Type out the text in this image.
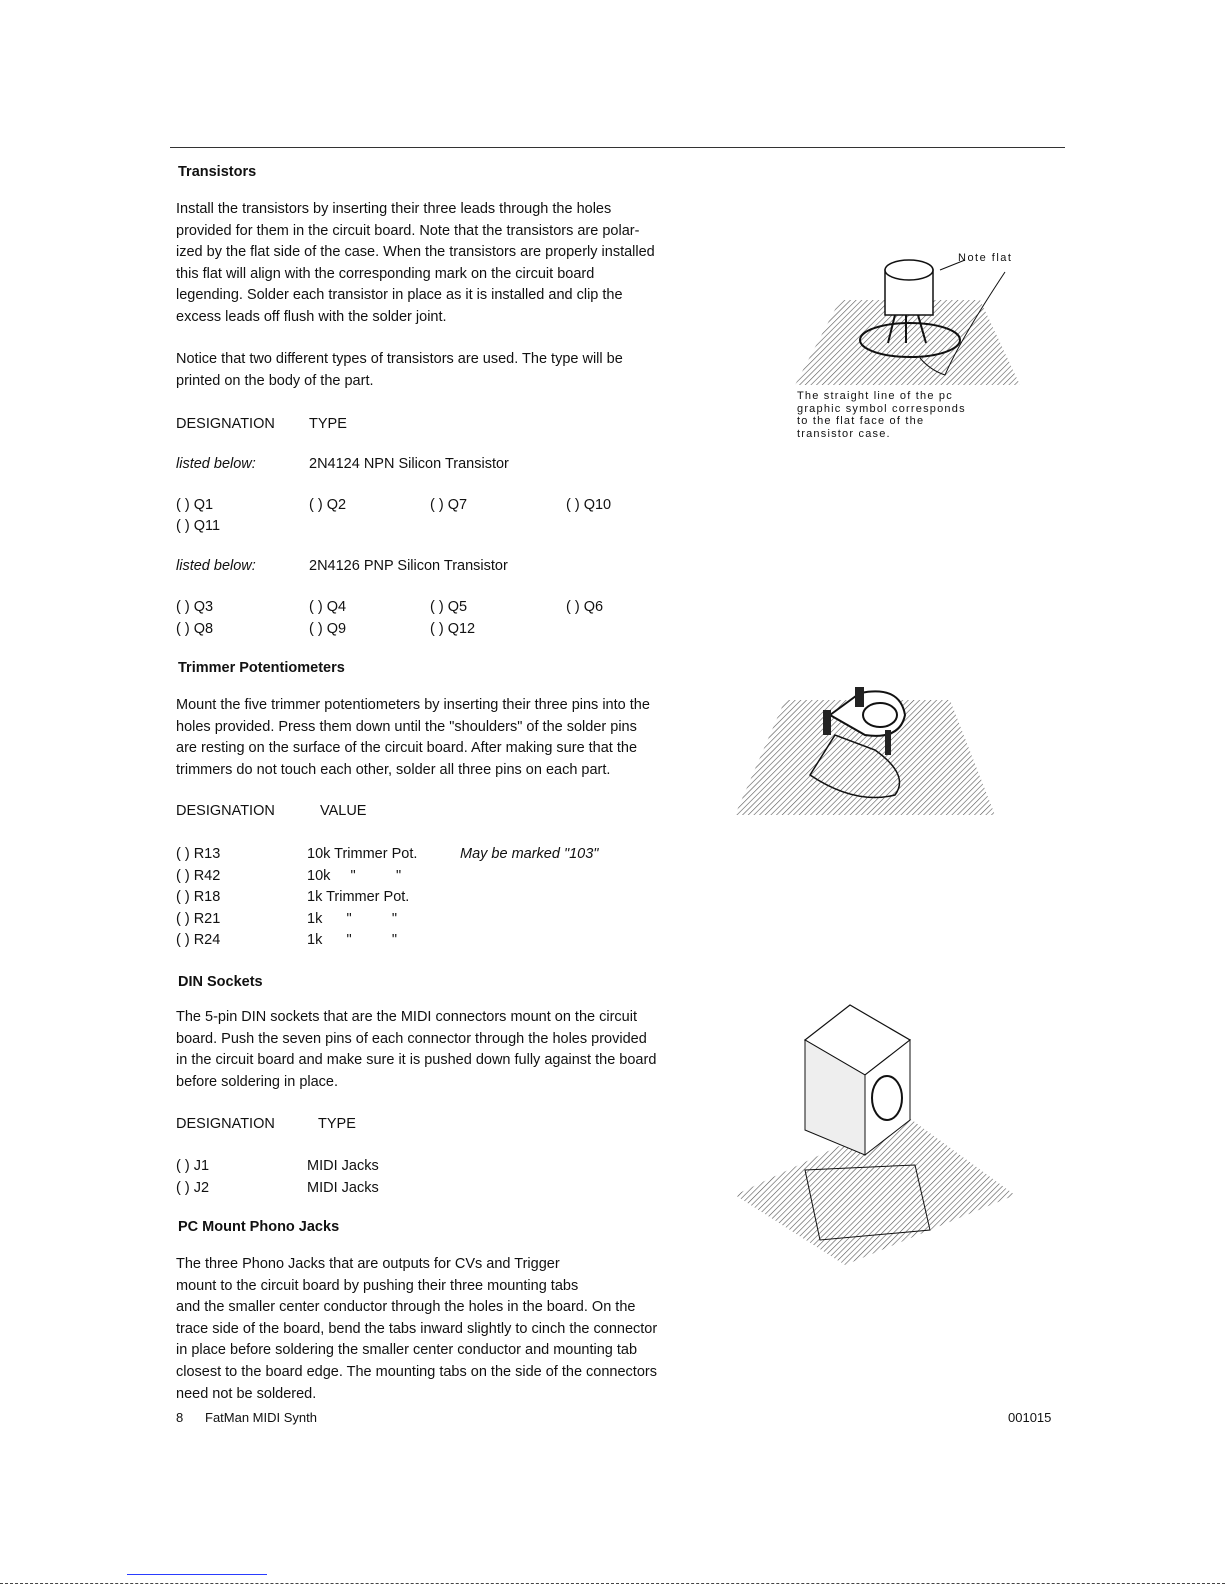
Transistors
Install the transistors by inserting their three leads through the holes
provided for them in the circuit board. Note that the transistors are polar-
ized by the flat side of the case. When the transistors are properly installed
this flat will align with the corresponding mark on the circuit board
legending. Solder each transistor in place as it is installed and clip the
excess leads off flush with the solder joint.
Notice that two different types of transistors are used. The type will be
printed on the body of the part.
DESIGNATION TYPE
listed below:	2N4124 NPN Silicon Transistor
( ) Q1	( ) Q2	( ) Q7	( ) Q10
( ) Q11
listed below:	2N4126 PNP Silicon Transistor
( ) Q3	( ) Q4	( ) Q5	( ) Q6
( ) Q8	( ) Q9	( ) Q12
Note flat
The straight line of the pc
graphic symbol corresponds
to the flat face of the
transistor case.
Trimmer Potentiometers
Mount the five trimmer potentiometers by inserting their three pins into the
holes provided. Press them down until the "shoulders" of the solder pins
are resting on the surface of the circuit board. After making sure that the
trimmers do not touch each other, solder all three pins on each part.
DESIGNATION	VALUE
( ) R13	10k Trimmer Pot.	May be marked "103"
( ) R42	10k     "          "
( ) R18	1k Trimmer Pot.
( ) R21	1k      "          "
( ) R24	1k      "          "
DIN Sockets
The 5-pin DIN sockets that are the MIDI connectors mount on the circuit
board. Push the seven pins of each connector through the holes provided
in the circuit board and make sure it is pushed down fully against the board
before soldering in place.
DESIGNATION	TYPE
( ) J1	MIDI Jacks
( ) J2	MIDI Jacks
PC Mount Phono Jacks
The three Phono Jacks that are outputs for CVs and Trigger
mount to the circuit board by pushing their three mounting tabs
and the smaller center conductor through the holes in the board. On the
trace side of the board, bend the tabs inward slightly to cinch the connector
in place before soldering the smaller center conductor and mounting tab
closest to the board edge. The mounting tabs on the side of the connectors
need not be soldered.
8 FatMan MIDI Synth	001015
